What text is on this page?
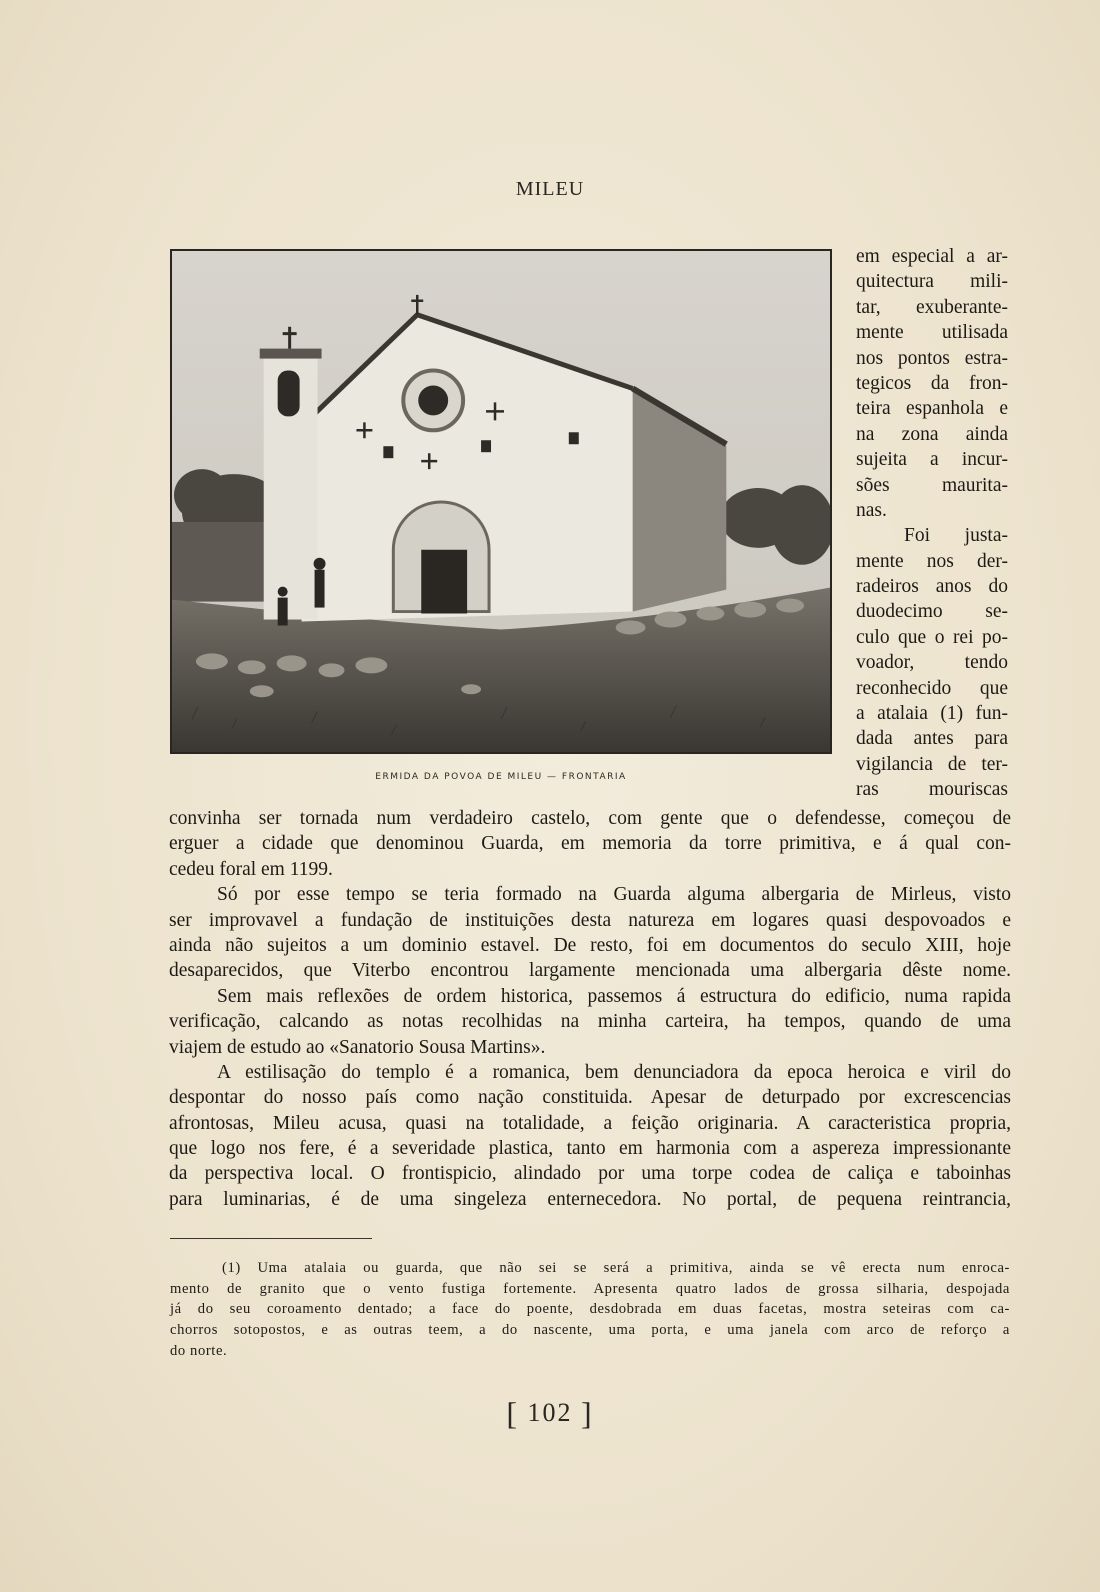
MILEU
ERMIDA DA POVOA DE MILEU — FRONTARIA
em especial a ar-
quitectura mili-
tar, exuberante-
mente utilisada
nos pontos estra-
tegicos da fron-
teira espanhola e
na zona ainda
sujeita a incur-
sões maurita-
nas.
Foi justa-
mente nos der-
radeiros anos do
duodecimo se-
culo que o rei po-
voador, tendo
reconhecido que
a atalaia (1) fun-
dada antes para
vigilancia de ter-
ras mouriscas
convinha ser tornada num verdadeiro castelo, com gente que o defendesse, começou de
erguer a cidade que denominou Guarda, em memoria da torre primitiva, e á qual con-
cedeu foral em 1199.
Só por esse tempo se teria formado na Guarda alguma albergaria de Mirleus, visto
ser improvavel a fundação de instituições desta natureza em logares quasi despovoados e
ainda não sujeitos a um dominio estavel. De resto, foi em documentos do seculo XIII, hoje
desaparecidos, que Viterbo encontrou largamente mencionada uma albergaria dêste nome.
Sem mais reflexões de ordem historica, passemos á estructura do edificio, numa rapida
verificação, calcando as notas recolhidas na minha carteira, ha tempos, quando de uma
viajem de estudo ao «Sanatorio Sousa Martins».
A estilisação do templo é a romanica, bem denunciadora da epoca heroica e viril do
despontar do nosso país como nação constituida. Apesar de deturpado por excrescencias
afrontosas, Mileu acusa, quasi na totalidade, a feição originaria. A caracteristica propria,
que logo nos fere, é a severidade plastica, tanto em harmonia com a aspereza impressionante
da perspectiva local. O frontispicio, alindado por uma torpe codea de caliça e taboinhas
para luminarias, é de uma singeleza enternecedora. No portal, de pequena reintrancia,
(1) Uma atalaia ou guarda, que não sei se será a primitiva, ainda se vê erecta num enroca-
mento de granito que o vento fustiga fortemente. Apresenta quatro lados de grossa silharia, despojada
já do seu coroamento dentado; a face do poente, desdobrada em duas facetas, mostra seteiras com ca-
chorros sotopostos, e as outras teem, a do nascente, uma porta, e uma janela com arco de reforço a
do norte.
[ 102 ]
